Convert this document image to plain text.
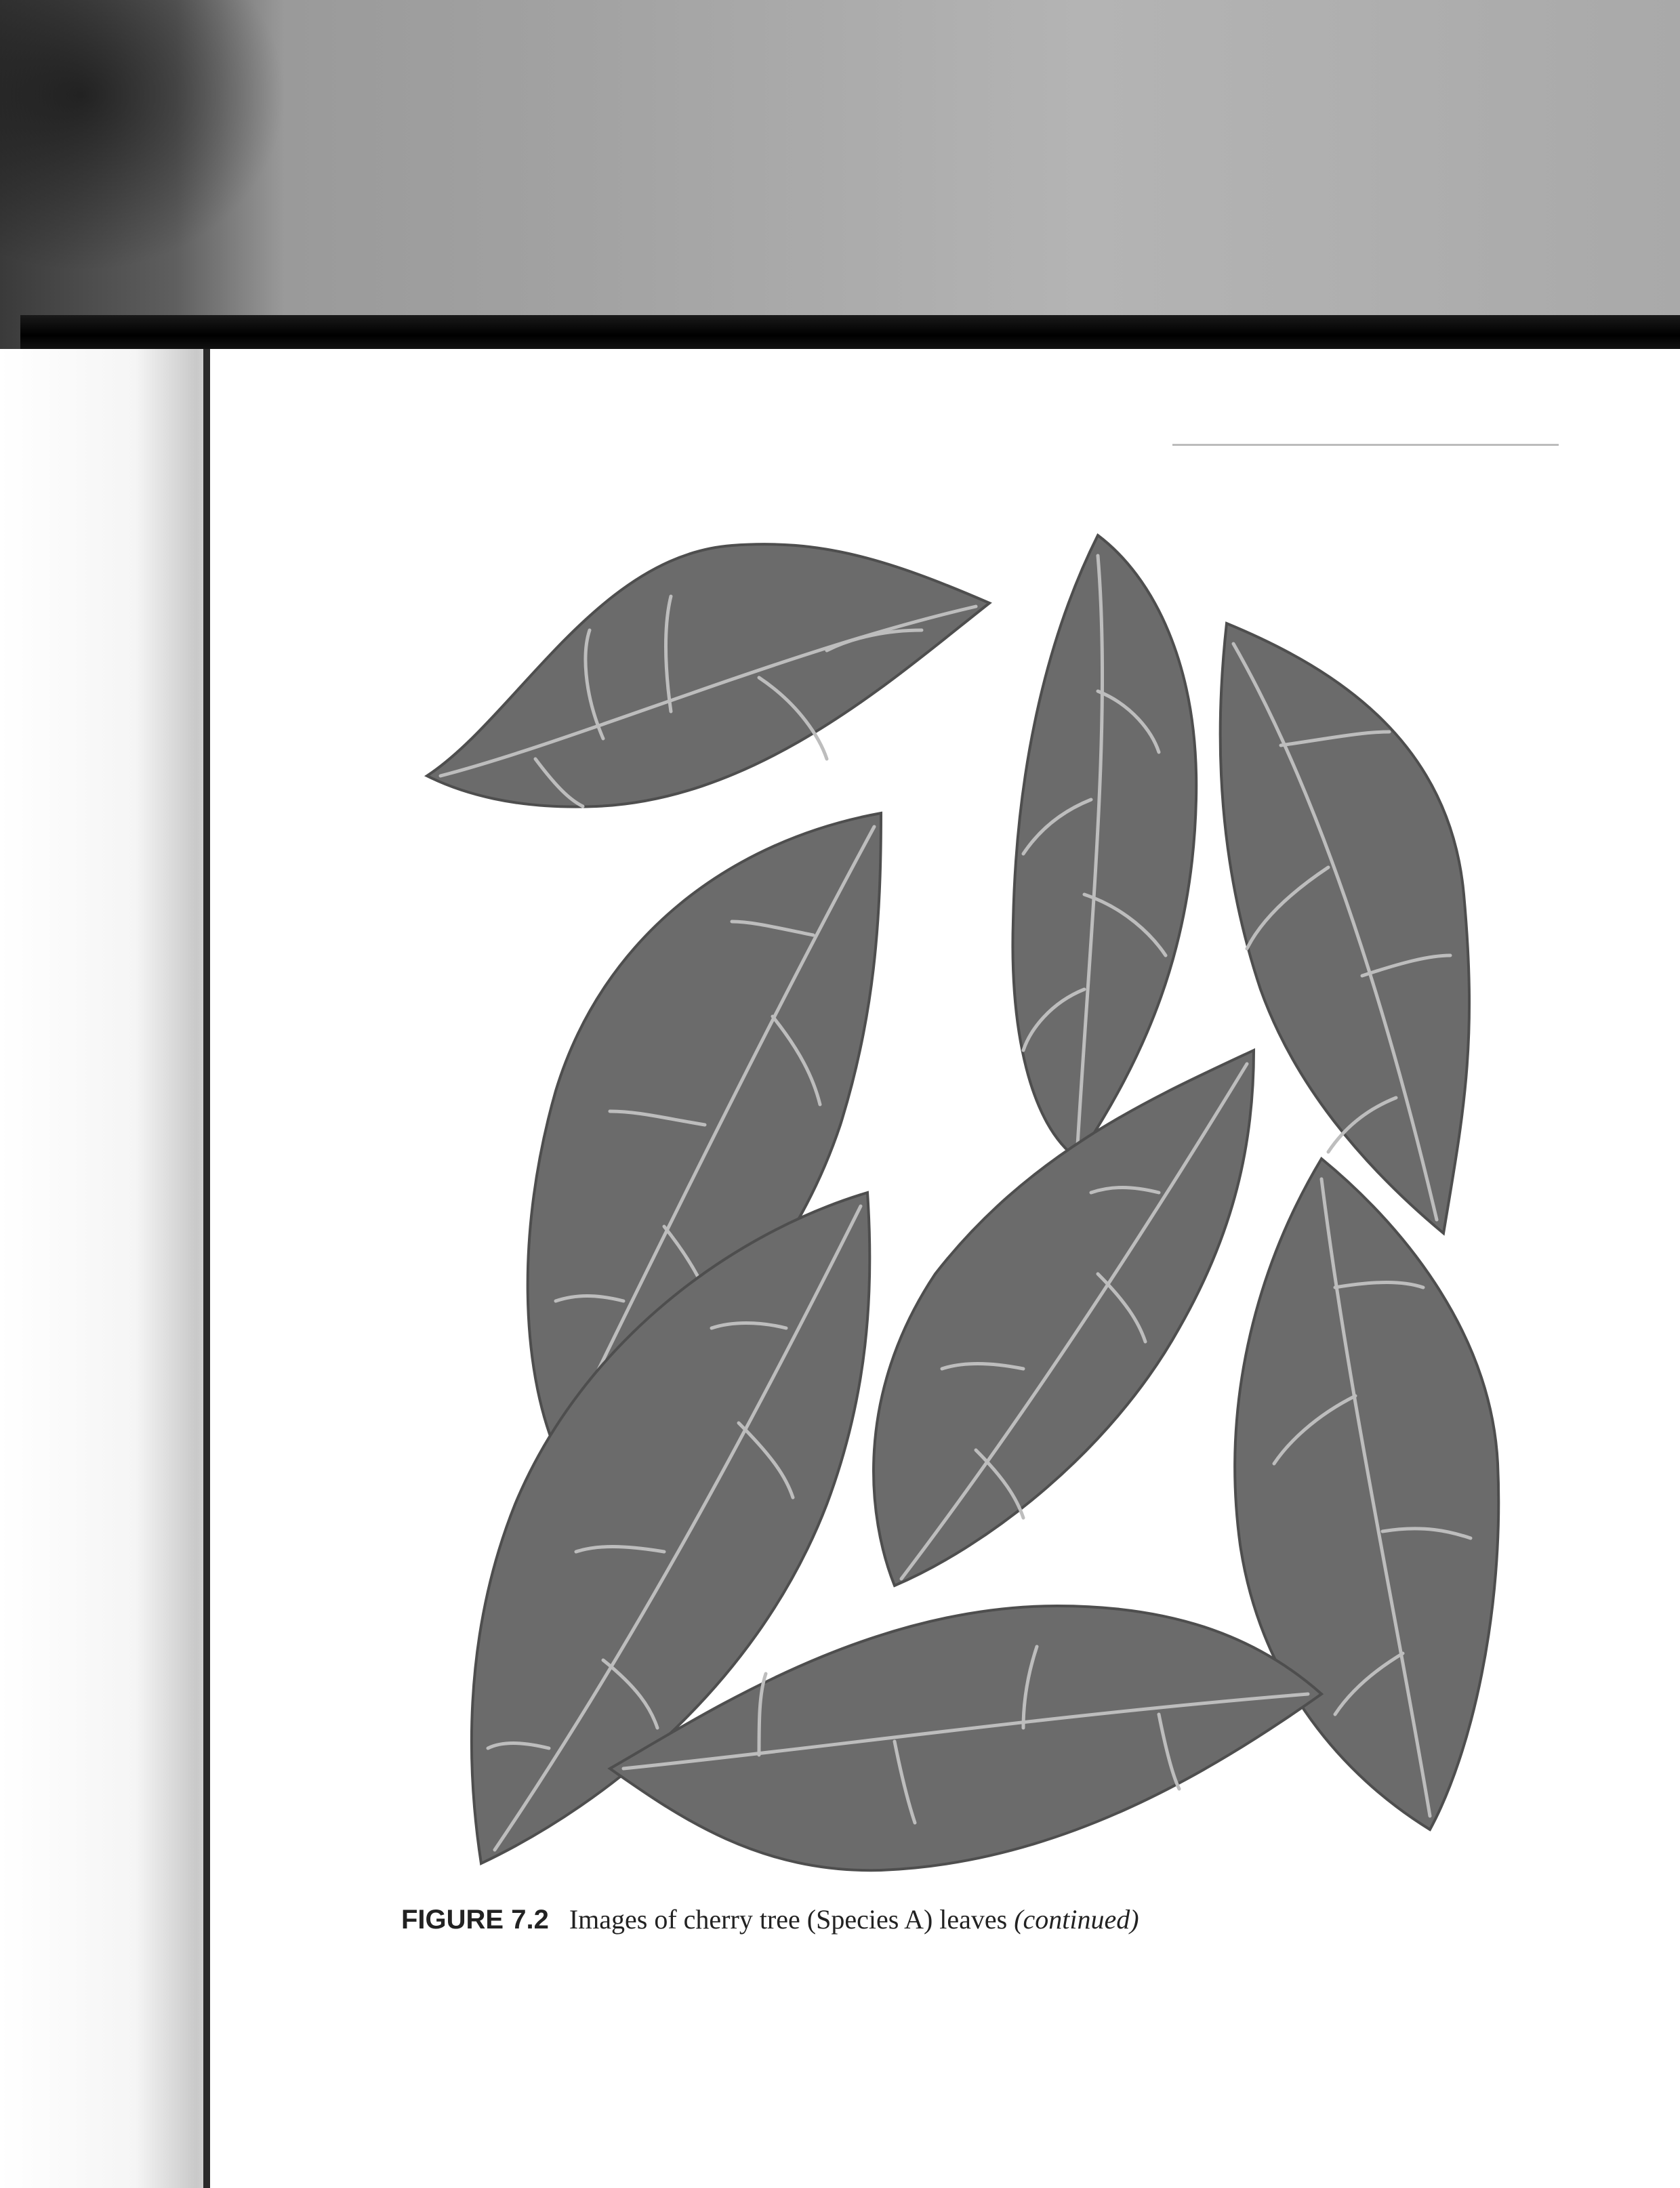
FIGURE 7.2 Images of cherry tree (Species A) leaves (continued)
